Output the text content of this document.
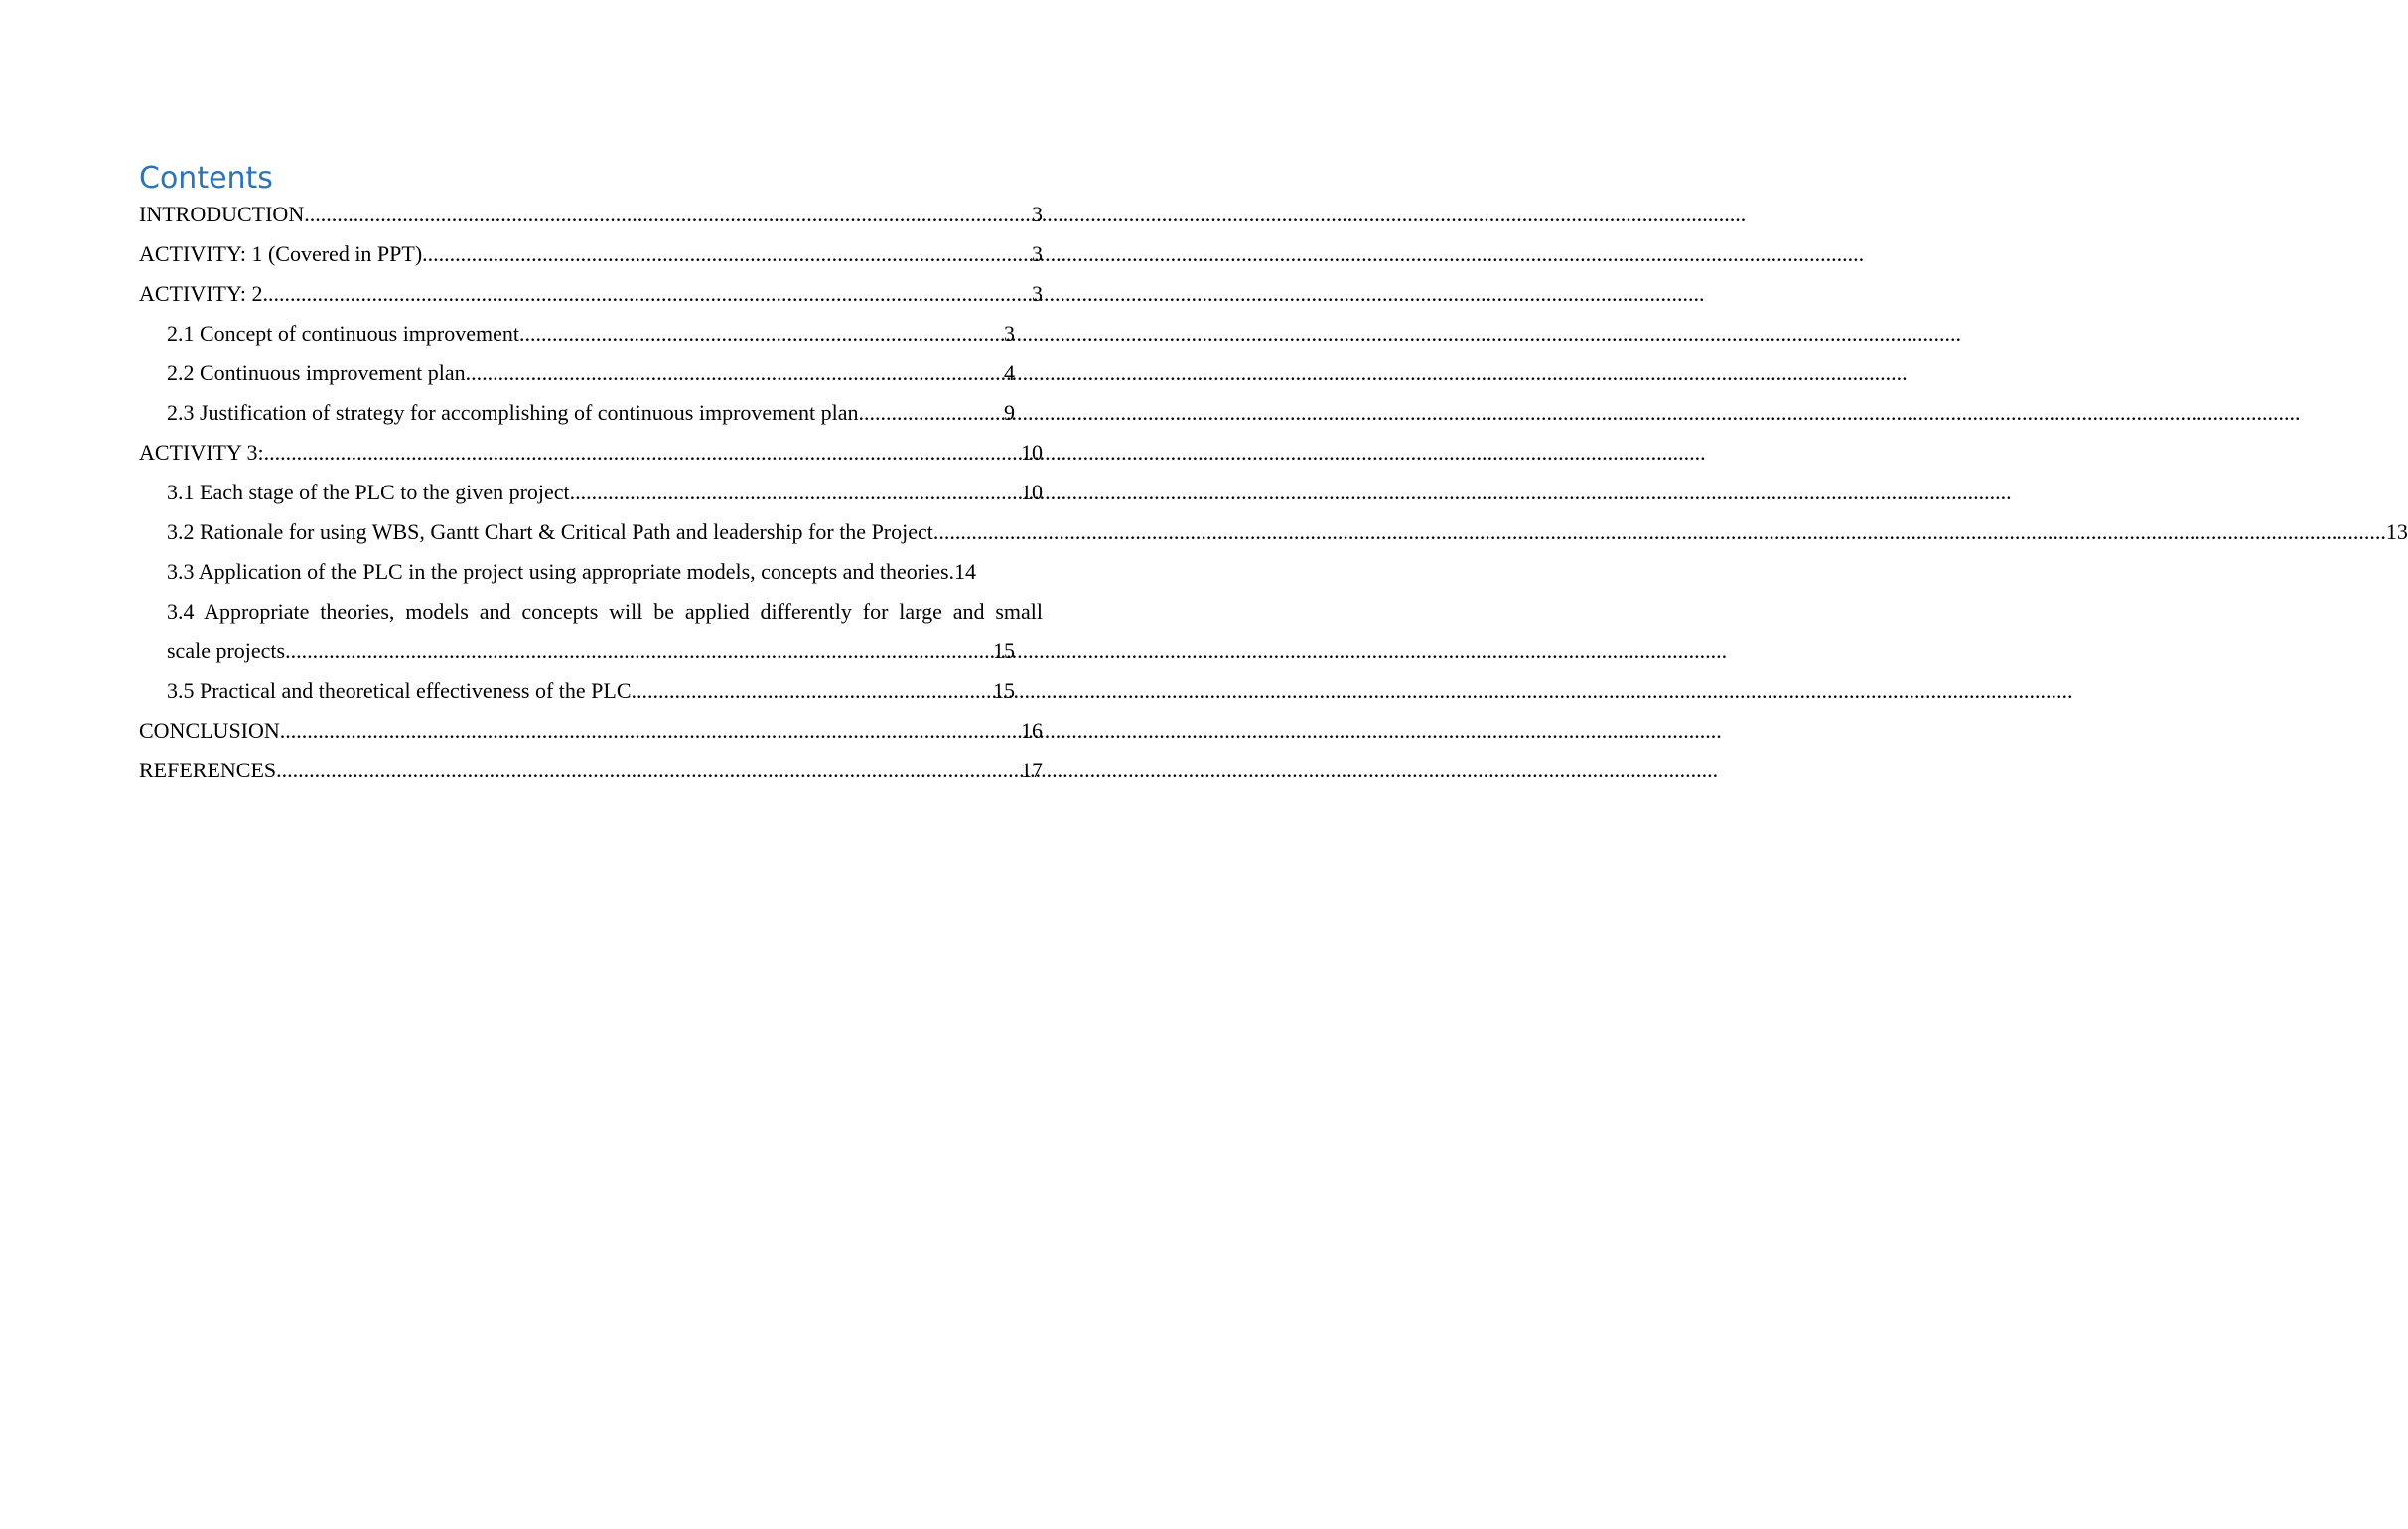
Contents
INTRODUCTION .....	3
ACTIVITY: 1 (Covered in PPT) .....	3
ACTIVITY: 2 .....	3
2.1 Concept of continuous improvement .....	3
2.2 Continuous improvement plan .....	4
2.3 Justification of strategy for accomplishing of continuous improvement plan .....	9
ACTIVITY 3: .....	10
3.1 Each stage of the PLC to the given project .....	10
3.2 Rationale for using WBS, Gantt Chart & Critical Path and leadership for the Project .. .....	13
3.3 Application of the PLC in the project using appropriate models, concepts and theories. 14
3.4 Appropriate theories, models and concepts will be applied differently for large and small
scale projects .....	15
3.5 Practical and theoretical effectiveness of the PLC .....	15
CONCLUSION .....	16
REFERENCES .....	17
